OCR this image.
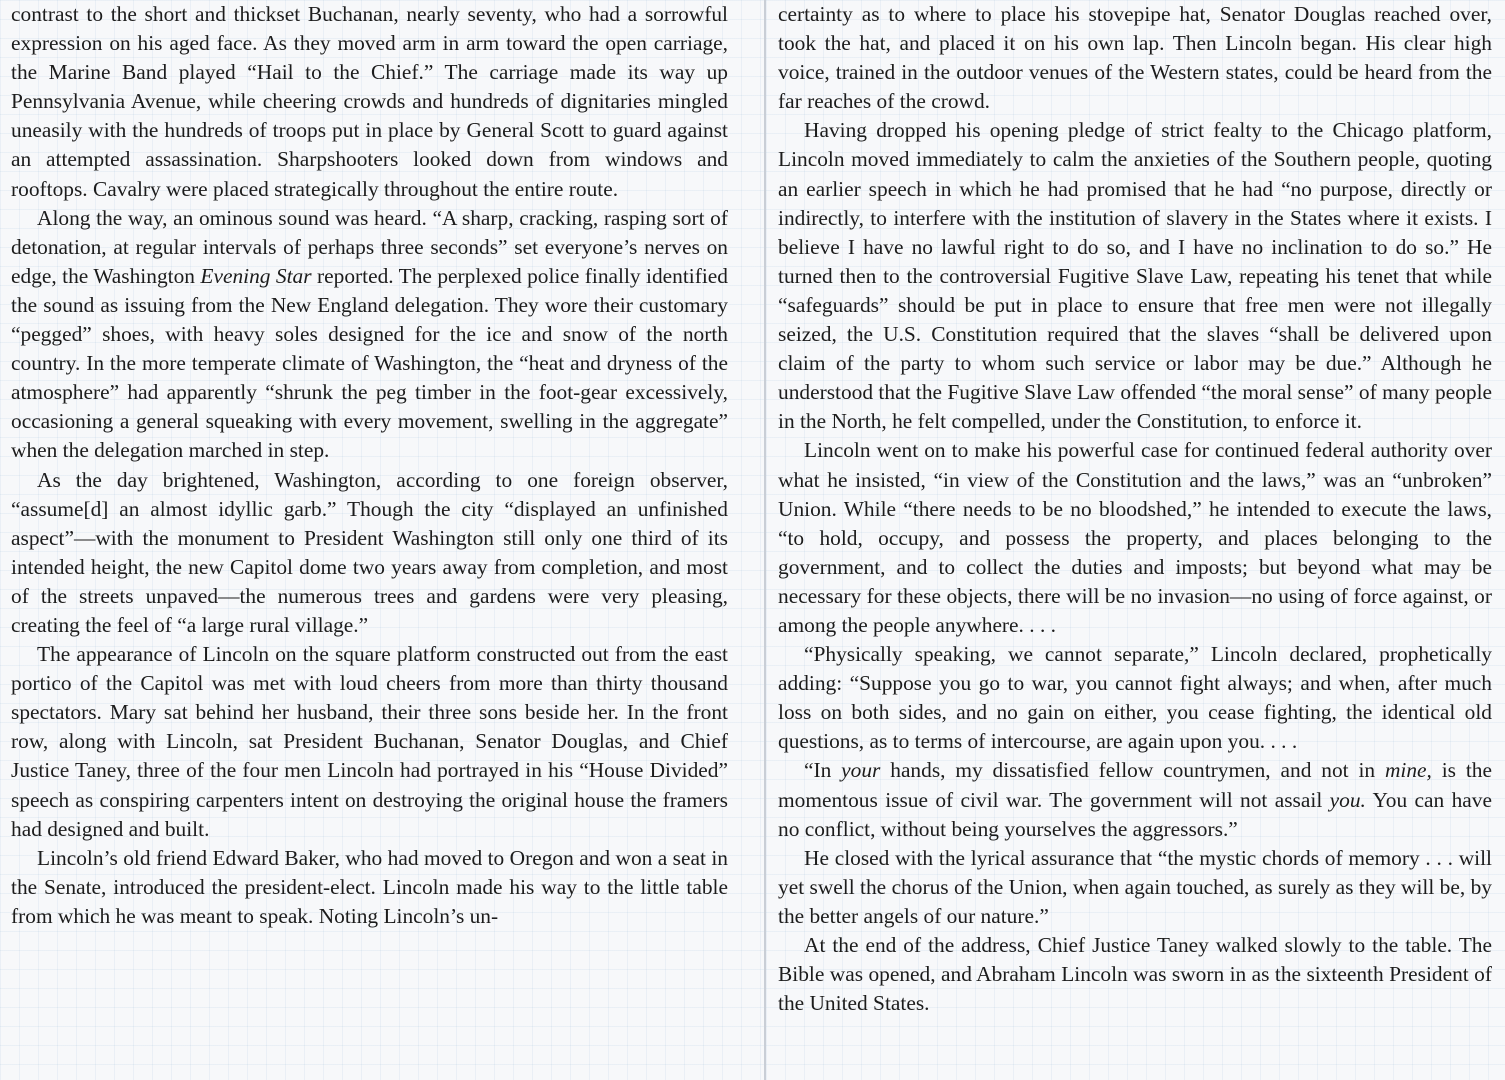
contrast to the short and thickset Buchanan, nearly seventy, who had a sorrowful expression on his aged face. As they moved arm in arm toward the open carriage, the Marine Band played “Hail to the Chief.” The carriage made its way up Pennsylvania Avenue, while cheering crowds and hundreds of dignitaries mingled uneasily with the hundreds of troops put in place by General Scott to guard against an attempted assassination. Sharpshooters looked down from windows and rooftops. Cavalry were placed strategically throughout the entire route.

Along the way, an ominous sound was heard. “A sharp, cracking, rasping sort of detonation, at regular intervals of perhaps three seconds” set everyone’s nerves on edge, the Washington Evening Star reported. The perplexed police finally identified the sound as issuing from the New England delegation. They wore their customary “pegged” shoes, with heavy soles designed for the ice and snow of the north country. In the more temperate climate of Washington, the “heat and dryness of the atmosphere” had apparently “shrunk the peg timber in the foot-gear excessively, occasioning a general squeaking with every movement, swelling in the aggregate” when the delegation marched in step.

As the day brightened, Washington, according to one foreign observer, “assume[d] an almost idyllic garb.” Though the city “displayed an unfinished aspect”—with the monument to President Washington still only one third of its intended height, the new Capitol dome two years away from completion, and most of the streets unpaved—the numerous trees and gardens were very pleasing, creating the feel of “a large rural village.”

The appearance of Lincoln on the square platform constructed out from the east portico of the Capitol was met with loud cheers from more than thirty thousand spectators. Mary sat behind her husband, their three sons beside her. In the front row, along with Lincoln, sat President Buchanan, Senator Douglas, and Chief Justice Taney, three of the four men Lincoln had portrayed in his “House Divided” speech as conspiring carpenters intent on destroying the original house the framers had designed and built.

Lincoln’s old friend Edward Baker, who had moved to Oregon and won a seat in the Senate, introduced the president-elect. Lincoln made his way to the little table from which he was meant to speak. Noting Lincoln’s un-

certainty as to where to place his stovepipe hat, Senator Douglas reached over, took the hat, and placed it on his own lap. Then Lincoln began. His clear high voice, trained in the outdoor venues of the Western states, could be heard from the far reaches of the crowd.

Having dropped his opening pledge of strict fealty to the Chicago platform, Lincoln moved immediately to calm the anxieties of the Southern people, quoting an earlier speech in which he had promised that he had “no purpose, directly or indirectly, to interfere with the institution of slavery in the States where it exists. I believe I have no lawful right to do so, and I have no inclination to do so.” He turned then to the controversial Fugitive Slave Law, repeating his tenet that while “safeguards” should be put in place to ensure that free men were not illegally seized, the U.S. Constitution required that the slaves “shall be delivered upon claim of the party to whom such service or labor may be due.” Although he understood that the Fugitive Slave Law offended “the moral sense” of many people in the North, he felt compelled, under the Constitution, to enforce it.

Lincoln went on to make his powerful case for continued federal authority over what he insisted, “in view of the Constitution and the laws,” was an “unbroken” Union. While “there needs to be no bloodshed,” he intended to execute the laws, “to hold, occupy, and possess the property, and places belonging to the government, and to collect the duties and imposts; but beyond what may be necessary for these objects, there will be no invasion—no using of force against, or among the people anywhere. . . .

“Physically speaking, we cannot separate,” Lincoln declared, prophetically adding: “Suppose you go to war, you cannot fight always; and when, after much loss on both sides, and no gain on either, you cease fighting, the identical old questions, as to terms of intercourse, are again upon you. . . .

“In your hands, my dissatisfied fellow countrymen, and not in mine, is the momentous issue of civil war. The government will not assail you. You can have no conflict, without being yourselves the aggressors.”

He closed with the lyrical assurance that “the mystic chords of memory . . . will yet swell the chorus of the Union, when again touched, as surely as they will be, by the better angels of our nature.”

At the end of the address, Chief Justice Taney walked slowly to the table. The Bible was opened, and Abraham Lincoln was sworn in as the sixteenth President of the United States.
